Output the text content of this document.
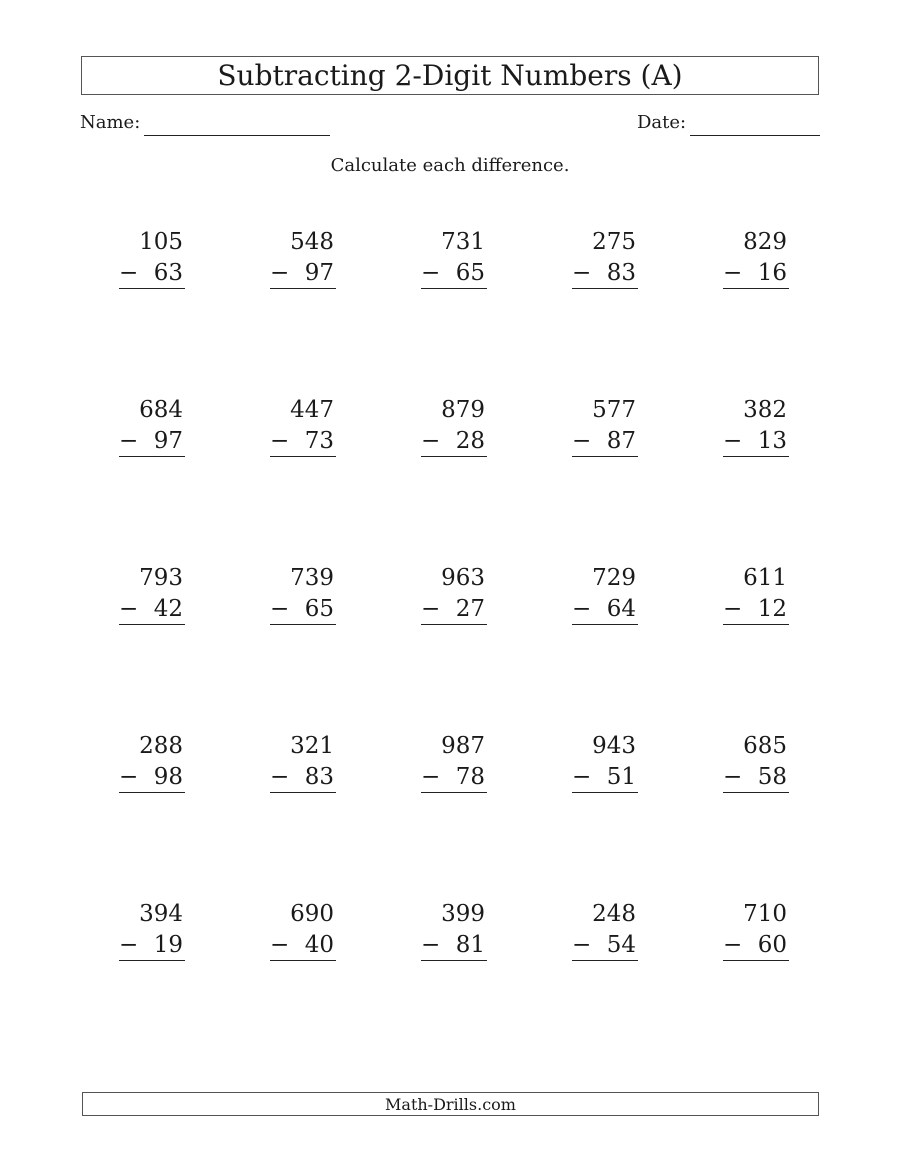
Subtracting 2-Digit Numbers (A)
Name:	Date:
Calculate each difference.
105
− 63
548
− 97
731
− 65
275
− 83
829
− 16
684
− 97
447
− 73
879
− 28
577
− 87
382
− 13
793
− 42
739
− 65
963
− 27
729
− 64
611
− 12
288
− 98
321
− 83
987
− 78
943
− 51
685
− 58
394
− 19
690
− 40
399
− 81
248
− 54
710
− 60
Math-Drills.com
